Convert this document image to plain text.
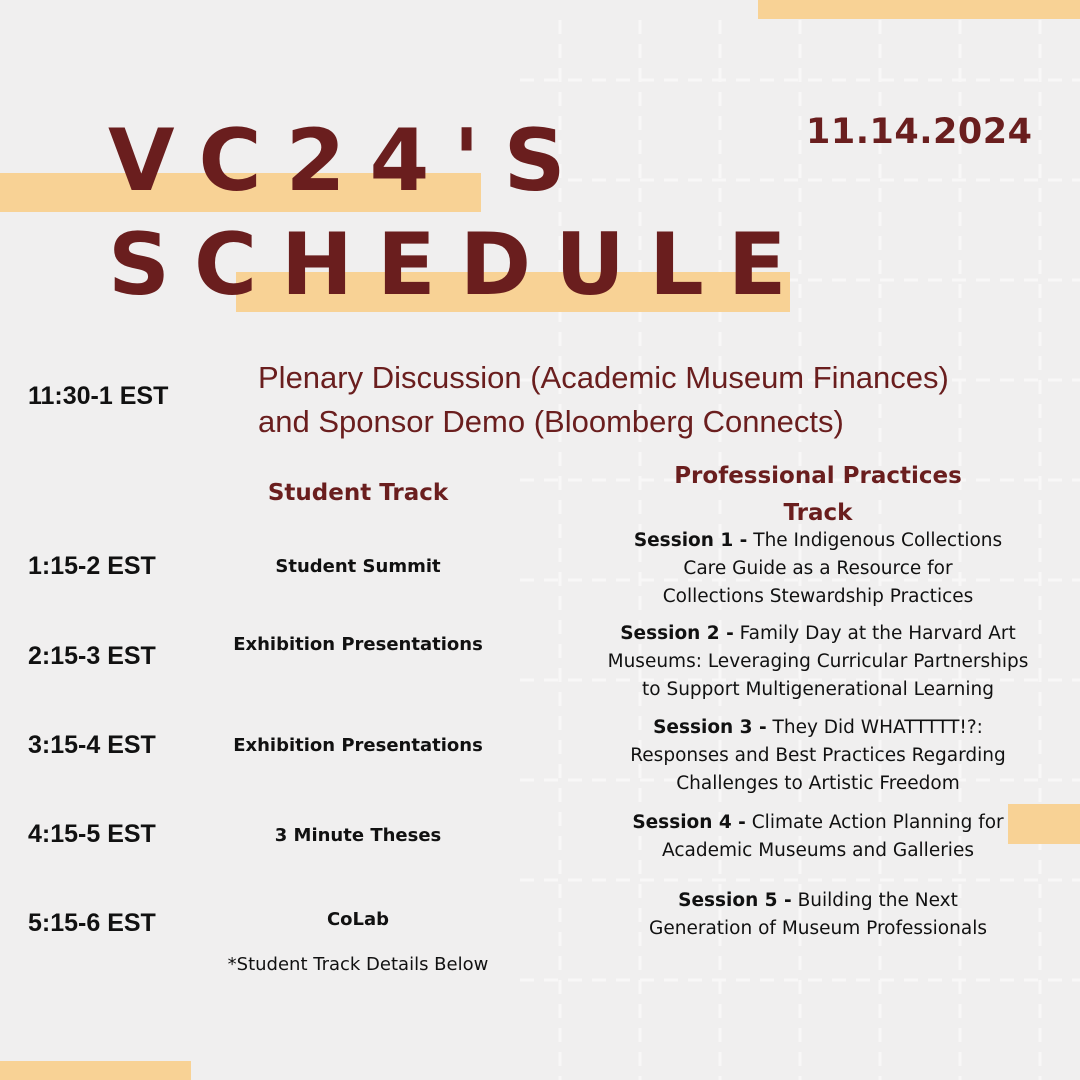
VC24'S
SCHEDULE
11.14.2024
11:30-1 EST
Plenary Discussion (Academic Museum Finances)
and Sponsor Demo (Bloomberg Connects)
Student Track
Professional Practices
Track
1:15-2 EST
2:15-3 EST
3:15-4 EST
4:15-5 EST
5:15-6 EST
Student Summit
Exhibition Presentations
Exhibition Presentations
3 Minute Theses
CoLab
*Student Track Details Below
Session 1 - The Indigenous Collections
Care Guide as a Resource for
Collections Stewardship Practices
Session 2 - Family Day at the Harvard Art
Museums: Leveraging Curricular Partnerships
to Support Multigenerational Learning
Session 3 - They Did WHATTTTT!?:
Responses and Best Practices Regarding
Challenges to Artistic Freedom
Session 4 - Climate Action Planning for
Academic Museums and Galleries
Session 5 - Building the Next
Generation of Museum Professionals
